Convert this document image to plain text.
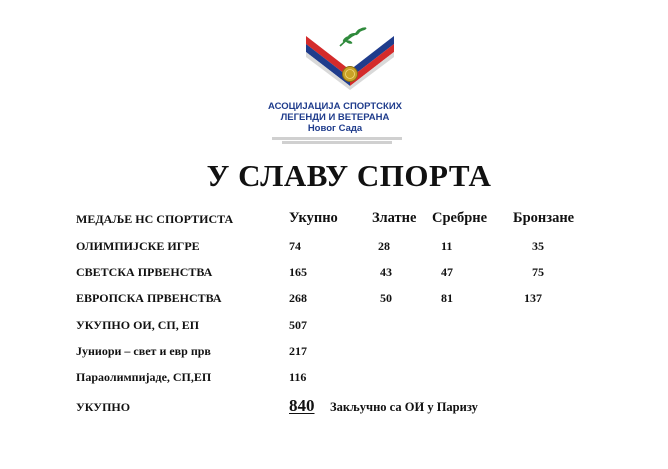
АСОЦИЈАЦИЈА СПОРТСКИХ
ЛЕГЕНДИ И ВЕТЕРАНА
Новог Сада
У СЛАВУ СПОРТА
МЕДАЉЕ НС СПОРТИСТА	Укупно Златне Сребрне Бронзане
ОЛИМПИЈСКЕ ИГРЕ	74	28	11	35
СВЕТСКА ПРВЕНСТВА	165	43	47	75
ЕВРОПСКА ПРВЕНСТВА	268	50	81	137
УКУПНО ОИ, СП, ЕП	507
Јуниори – свет и евр прв	217
Параолимпијаде, СП,ЕП	116
УКУПНО	840 Закључно са ОИ у Паризу
